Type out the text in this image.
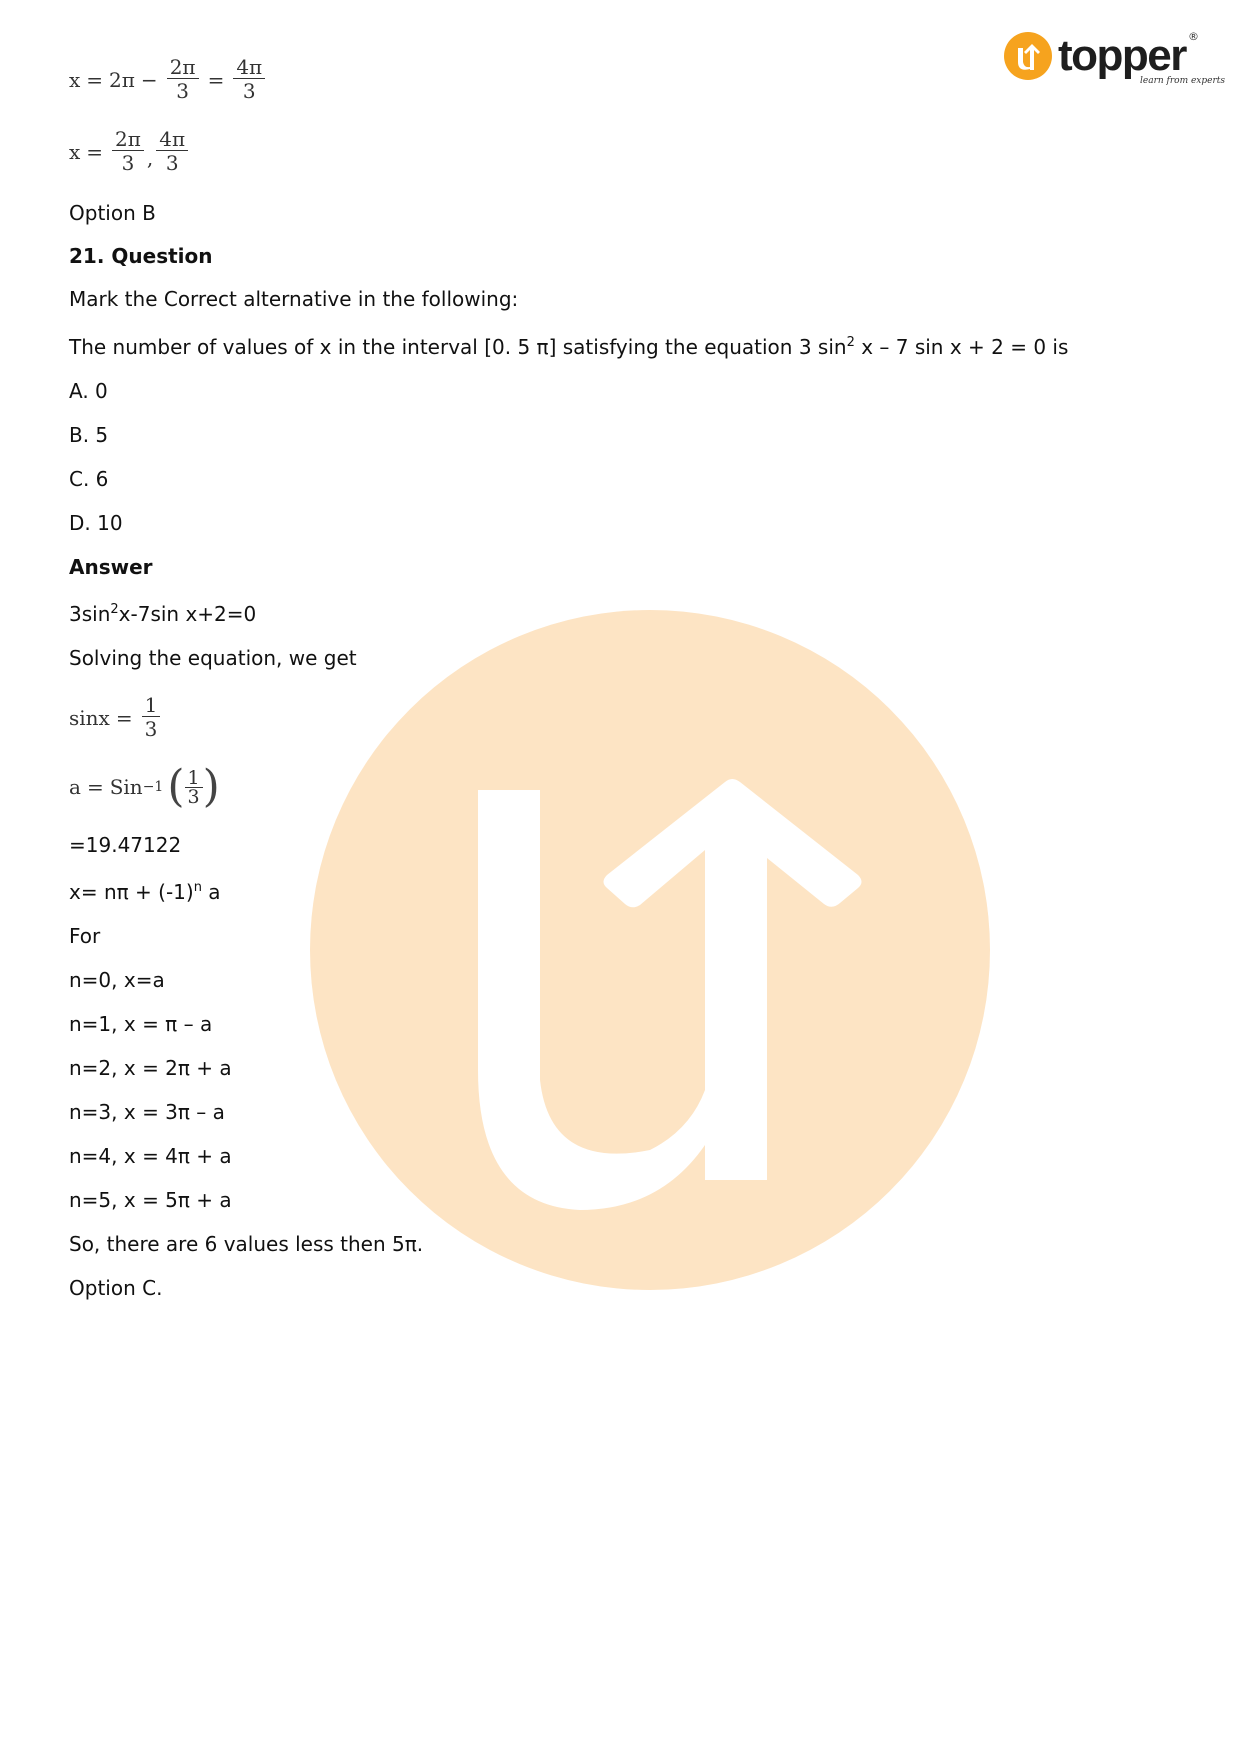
topper ®
learn from experts
$x = 2\pi - \frac{2\pi}{3} = \frac{4\pi}{3}$
$x = \frac{2\pi}{3}$ , $\frac{4\pi}{3}$
Option B
21. Question
Mark the Correct alternative in the following:
The number of values of x in the interval [0. 5 π] satisfying the equation 3 $\sin^2 x - 7$ sin x + 2 = 0 is
A. 0
B. 5
C. 6
D. 10
Answer
$3\sin^2x-7\sin$ x+2=0
Solving the equation, we get
$\sin x = \frac{1}{3}$
a = Sin −1 ( $\frac{1}{3}$ )
=19.47122
$x= n\pi + (-1)^n$ a
For
n=0, x=a
n=1, x = π – a
n=2, x = 2π + a
n=3, x = 3π – a
n=4, x = 4π + a
n=5, x = 5π + a
So, there are 6 values less then 5π.
Option C.
